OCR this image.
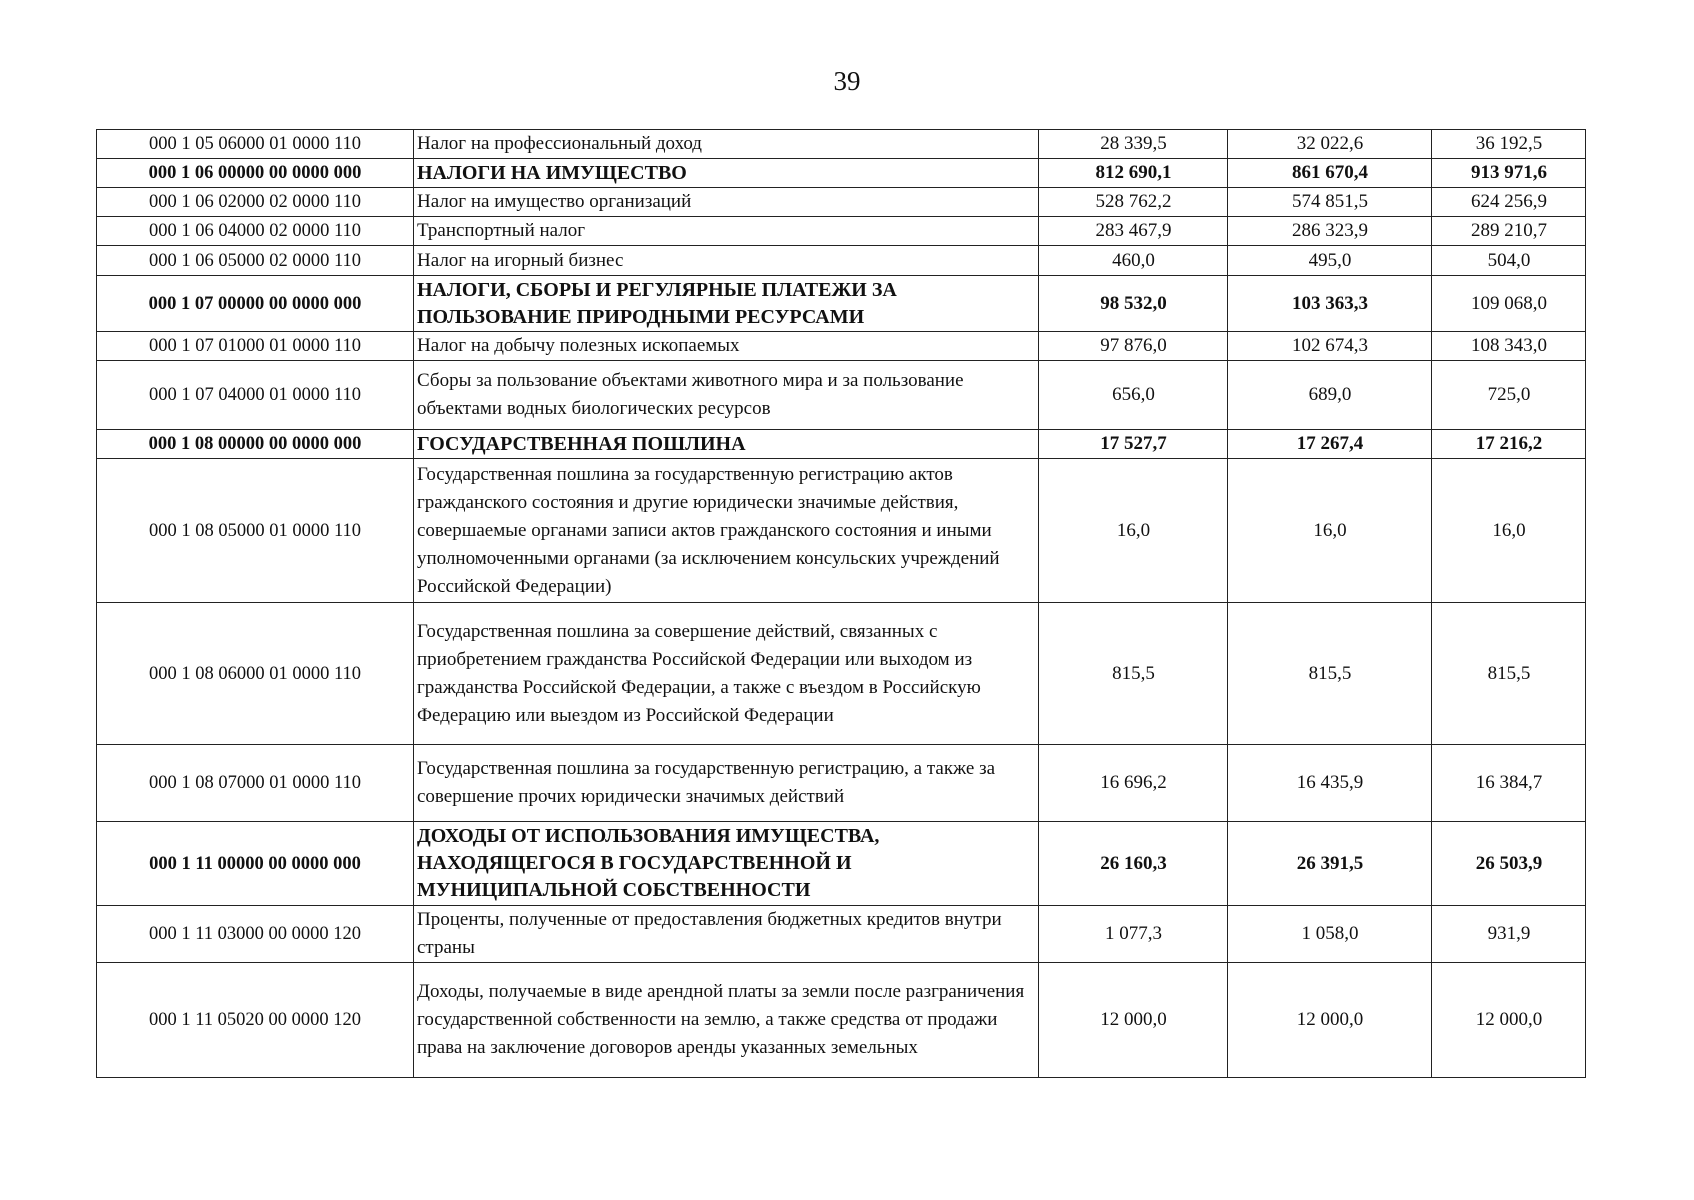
39
000 1 05 06000 01 0000 110	Налог на профессиональный доход	28 339,5	32 022,6	36 192,5
000 1 06 00000 00 0000 000	НАЛОГИ НА ИМУЩЕСТВО	812 690,1	861 670,4	913 971,6
000 1 06 02000 02 0000 110	Налог на имущество организаций	528 762,2	574 851,5	624 256,9
000 1 06 04000 02 0000 110	Транспортный налог	283 467,9	286 323,9	289 210,7
000 1 06 05000 02 0000 110	Налог на игорный бизнес	460,0	495,0	504,0
000 1 07 00000 00 0000 000	НАЛОГИ, СБОРЫ И РЕГУЛЯРНЫЕ ПЛАТЕЖИ ЗА ПОЛЬЗОВАНИЕ ПРИРОДНЫМИ РЕСУРСАМИ	98 532,0	103 363,3	109 068,0
000 1 07 01000 01 0000 110	Налог на добычу полезных ископаемых	97 876,0	102 674,3	108 343,0
000 1 07 04000 01 0000 110	Сборы за пользование объектами животного мира и за пользование объектами водных биологических ресурсов	656,0	689,0	725,0
000 1 08 00000 00 0000 000	ГОСУДАРСТВЕННАЯ ПОШЛИНА	17 527,7	17 267,4	17 216,2
000 1 08 05000 01 0000 110	Государственная пошлина за государственную регистрацию актов гражданского состояния и другие юридически значимые действия, совершаемые органами записи актов гражданского состояния и иными уполномоченными органами (за исключением консульских учреждений Российской Федерации)	16,0	16,0	16,0
000 1 08 06000 01 0000 110	Государственная пошлина за совершение действий, связанных с приобретением гражданства Российской Федерации или выходом из гражданства Российской Федерации, а также с въездом в Российскую Федерацию или выездом из Российской Федерации	815,5	815,5	815,5
000 1 08 07000 01 0000 110	Государственная пошлина за государственную регистрацию, а также за совершение прочих юридически значимых действий	16 696,2	16 435,9	16 384,7
000 1 11 00000 00 0000 000	ДОХОДЫ ОТ ИСПОЛЬЗОВАНИЯ ИМУЩЕСТВА, НАХОДЯЩЕГОСЯ В ГОСУДАРСТВЕННОЙ И МУНИЦИПАЛЬНОЙ СОБСТВЕННОСТИ	26 160,3	26 391,5	26 503,9
000 1 11 03000 00 0000 120	Проценты, полученные от предоставления бюджетных кредитов внутри страны	1 077,3	1 058,0	931,9
000 1 11 05020 00 0000 120	Доходы, получаемые в виде арендной платы за земли после разграничения государственной собственности на землю, а также средства от продажи права на заключение договоров аренды указанных земельных	12 000,0	12 000,0	12 000,0
